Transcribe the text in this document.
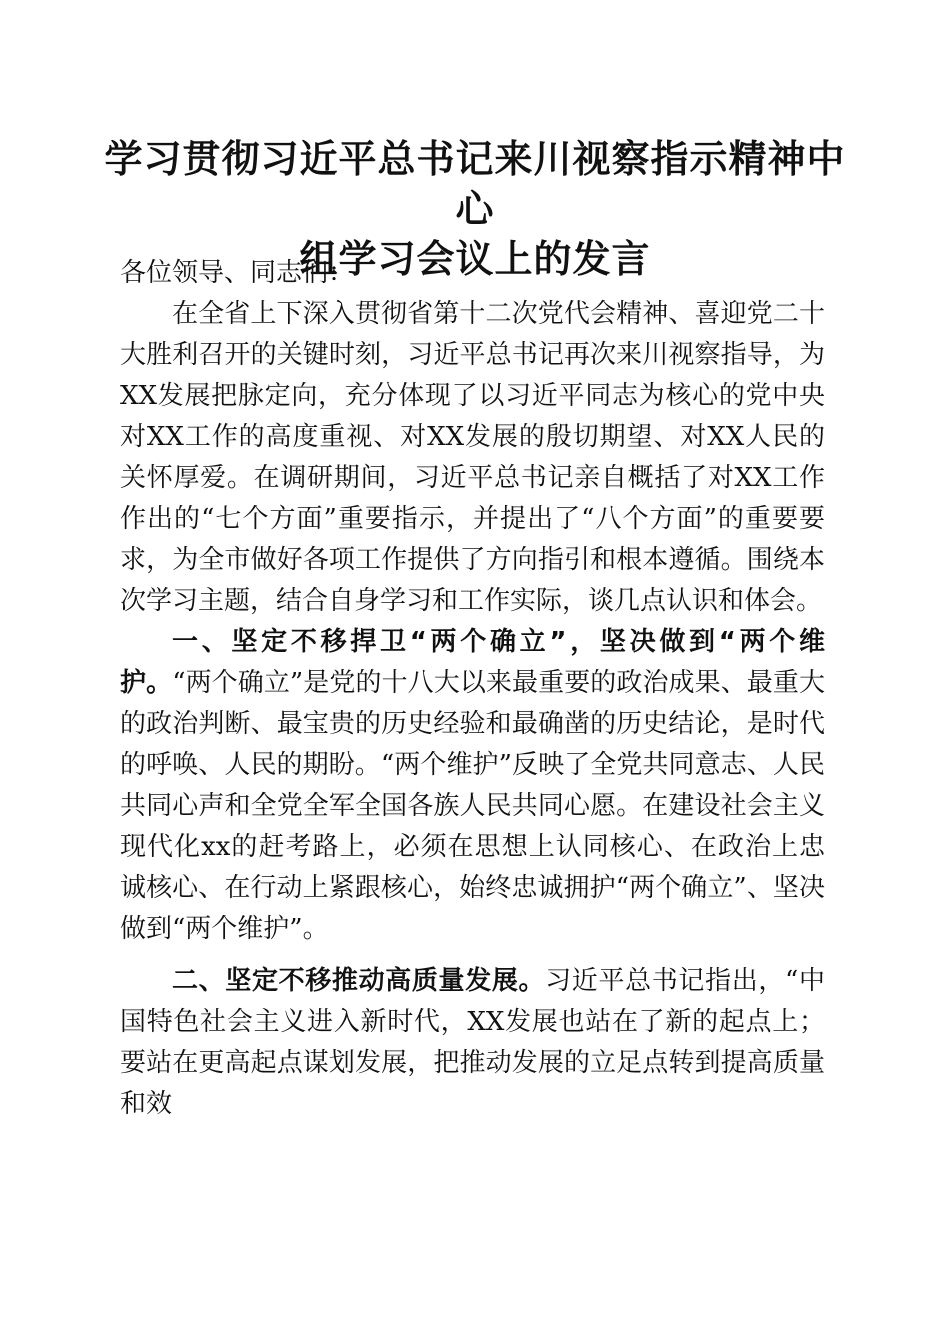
学习贯彻习近平总书记来川视察指示精神中心
组学习会议上的发言

各位领导、同志们：

在全省上下深入贯彻省第十二次党代会精神、喜迎党二十大胜利召开的关键时刻，习近平总书记再次来川视察指导，为XX发展把脉定向，充分体现了以习近平同志为核心的党中央对XX工作的高度重视、对XX发展的殷切期望、对XX人民的关怀厚爱。在调研期间，习近平总书记亲自概括了对XX工作作出的“七个方面”重要指示，并提出了“八个方面”的重要要求，为全市做好各项工作提供了方向指引和根本遵循。围绕本次学习主题，结合自身学习和工作实际，谈几点认识和体会。

一、坚定不移捍卫“两个确立”，坚决做到“两个维护。“两个确立”是党的十八大以来最重要的政治成果、最重大的政治判断、最宝贵的历史经验和最确凿的历史结论，是时代的呼唤、人民的期盼。“两个维护”反映了全党共同意志、人民共同心声和全党全军全国各族人民共同心愿。在建设社会主义现代化xx的赶考路上，必须在思想上认同核心、在政治上忠诚核心、在行动上紧跟核心，始终忠诚拥护“两个确立”、坚决做到“两个维护”。

二、坚定不移推动高质量发展。习近平总书记指出，“中国特色社会主义进入新时代，XX发展也站在了新的起点上；要站在更高起点谋划发展，把推动发展的立足点转到提高质量和效
